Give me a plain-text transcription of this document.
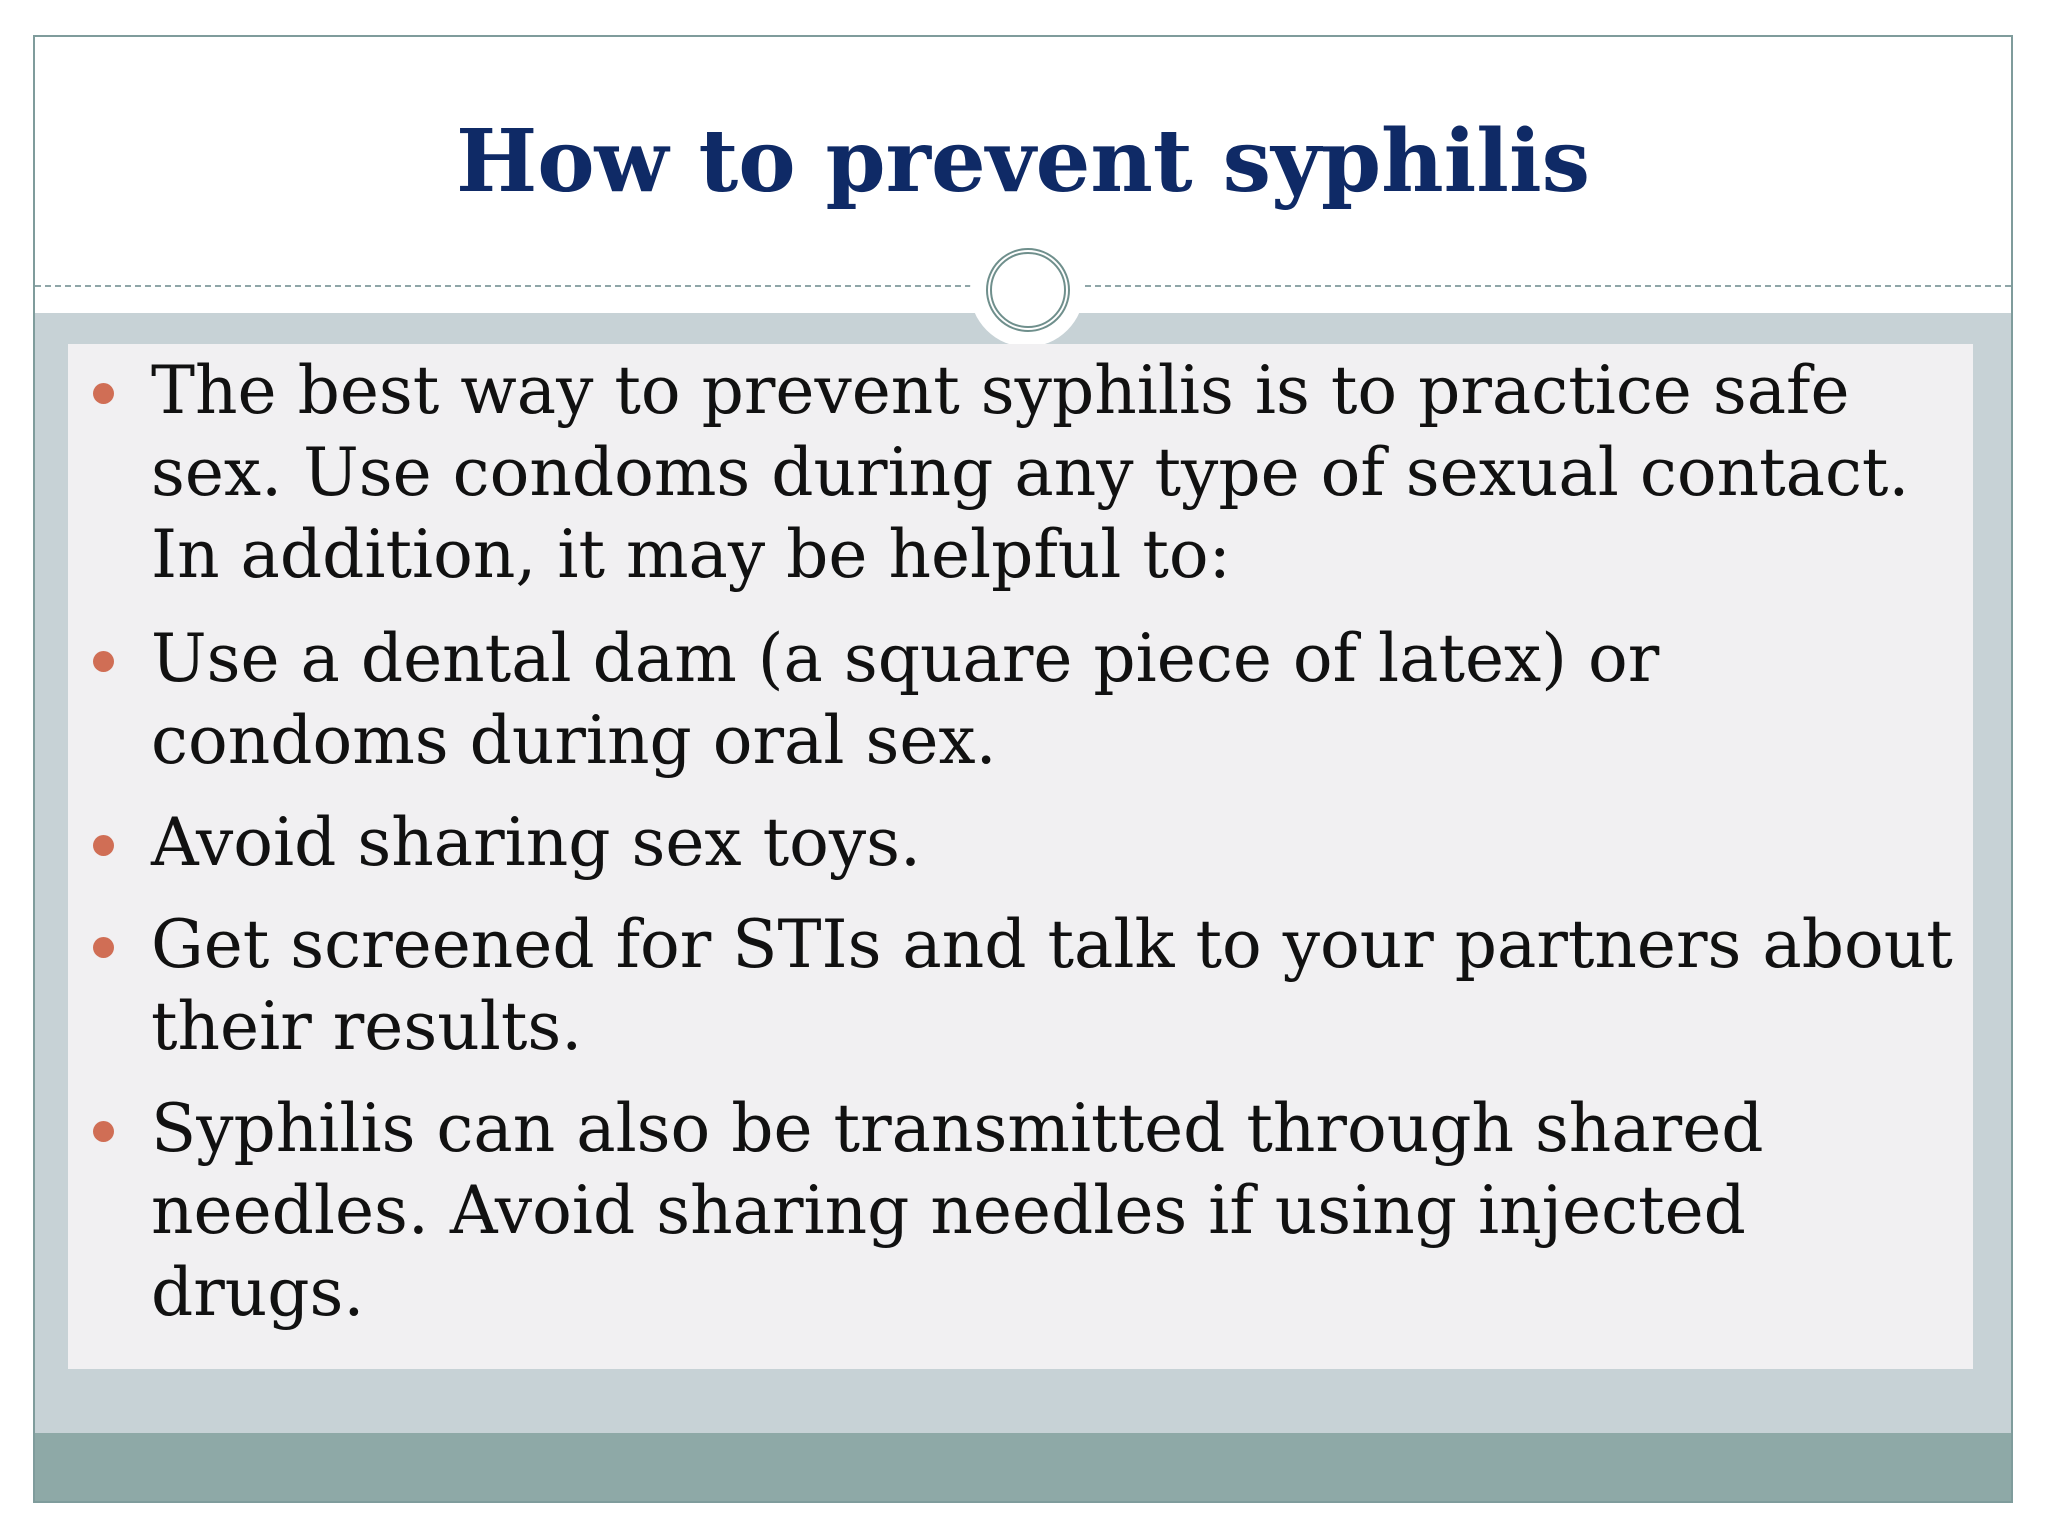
How to prevent syphilis
The best way to prevent syphilis is to practice safe sex. Use condoms during any type of sexual contact. In addition, it may be helpful to:
Use a dental dam (a square piece of latex) or condoms during oral sex.
Avoid sharing sex toys.
Get screened for STIs and talk to your partners about their results.
Syphilis can also be transmitted through shared needles. Avoid sharing needles if using injected drugs.
